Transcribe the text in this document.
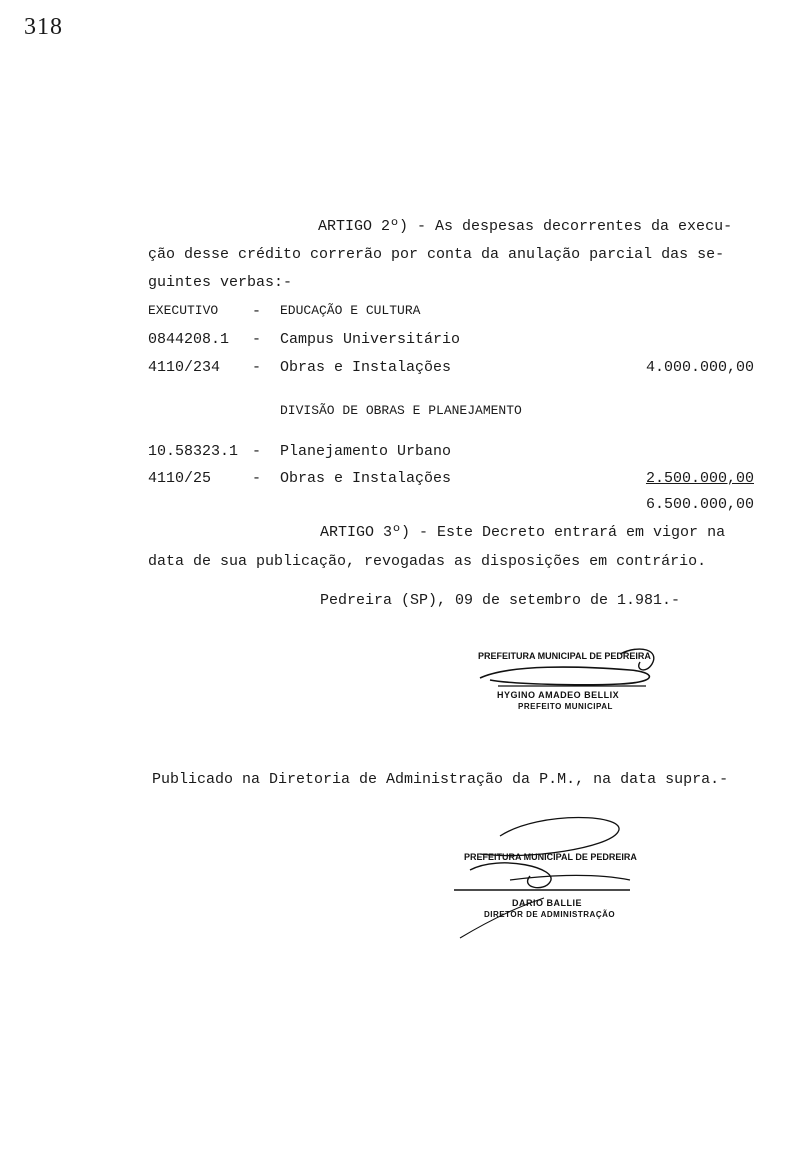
318
ARTIGO 2º) - As despesas decorrentes da execu-
ção desse crédito correrão por conta da anulação parcial das se-
guintes verbas:-
EXECUTIVO - EDUCAÇÃO E CULTURA
0844208.1 - Campus Universitário
4110/234 - Obras e Instalações	4.000.000,00
DIVISÃO DE OBRAS E PLANEJAMENTO
10.58323.1 - Planejamento Urbano
4110/25	- Obras e Instalações	2.500.000,00
6.500.000,00
ARTIGO 3º) - Este Decreto entrará em vigor na
data de sua publicação, revogadas as disposições em contrário.
Pedreira (SP), 09 de setembro de 1.981.-
PREFEITURA MUNICIPAL DE PEDREIRA
HYGINO AMADEO BELLIX
PREFEITO MUNICIPAL
Publicado na Diretoria de Administração da P.M., na data supra.-
PREFEITURA MUNICIPAL DE PEDREIRA
DARIO BALLIE
DIRETOR DE ADMINISTRAÇÃO
